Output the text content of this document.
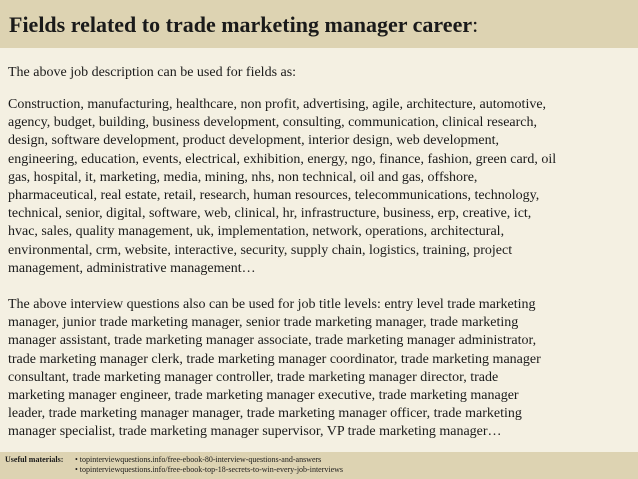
Fields related to trade marketing manager career:

The above job description can be used for fields as:

Construction, manufacturing, healthcare, non profit, advertising, agile, architecture, automotive,
agency, budget, building, business development, consulting, communication, clinical research,
design, software development, product development, interior design, web development,
engineering, education, events, electrical, exhibition, energy, ngo, finance, fashion, green card, oil
gas, hospital, it, marketing, media, mining, nhs, non technical, oil and gas, offshore,
pharmaceutical, real estate, retail, research, human resources, telecommunications, technology,
technical, senior, digital, software, web, clinical, hr, infrastructure, business, erp, creative, ict,
hvac, sales, quality management, uk, implementation, network, operations, architectural,
environmental, crm, website, interactive, security, supply chain, logistics, training, project
management, administrative management…

The above interview questions also can be used for job title levels: entry level trade marketing
manager, junior trade marketing manager, senior trade marketing manager, trade marketing
manager assistant, trade marketing manager associate, trade marketing manager administrator,
trade marketing manager clerk, trade marketing manager coordinator, trade marketing manager
consultant, trade marketing manager controller, trade marketing manager director, trade
marketing manager engineer, trade marketing manager executive, trade marketing manager
leader, trade marketing manager manager, trade marketing manager officer, trade marketing
manager specialist, trade marketing manager supervisor, VP trade marketing manager…

Useful materials: • topinterviewquestions.info/free-ebook-80-interview-questions-and-answers
• topinterviewquestions.info/free-ebook-top-18-secrets-to-win-every-job-interviews
